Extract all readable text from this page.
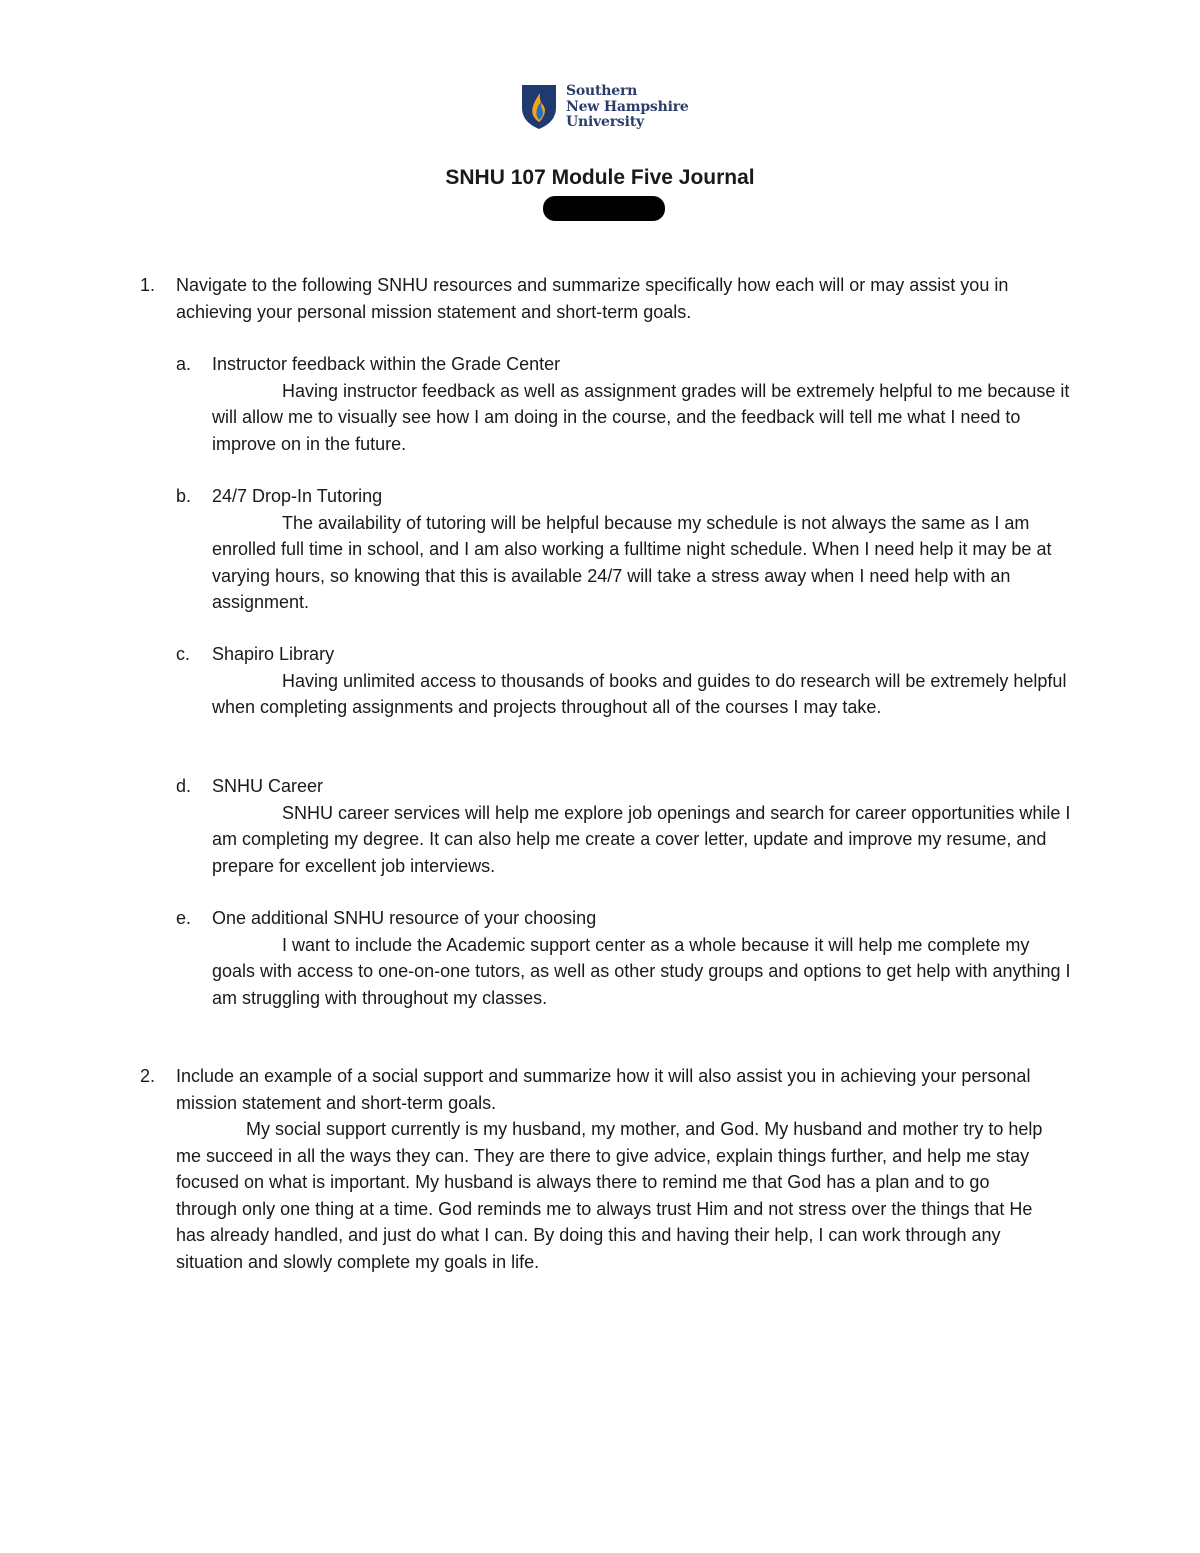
Southern
New Hampshire
University
SNHU 107 Module Five Journal
1. Navigate to the following SNHU resources and summarize specifically how each will or may assist you in achieving your personal mission statement and short-term goals.
a. Instructor feedback within the Grade Center
Having instructor feedback as well as assignment grades will be extremely helpful to me because it will allow me to visually see how I am doing in the course, and the feedback will tell me what I need to improve on in the future.
b. 24/7 Drop-In Tutoring
The availability of tutoring will be helpful because my schedule is not always the same as I am enrolled full time in school, and I am also working a fulltime night schedule. When I need help it may be at varying hours, so knowing that this is available 24/7 will take a stress away when I need help with an assignment.
c. Shapiro Library
Having unlimited access to thousands of books and guides to do research will be extremely helpful when completing assignments and projects throughout all of the courses I may take.
d. SNHU Career
SNHU career services will help me explore job openings and search for career opportunities while I am completing my degree. It can also help me create a cover letter, update and improve my resume, and prepare for excellent job interviews.
e. One additional SNHU resource of your choosing
I want to include the Academic support center as a whole because it will help me complete my goals with access to one-on-one tutors, as well as other study groups and options to get help with anything I am struggling with throughout my classes.
2. Include an example of a social support and summarize how it will also assist you in achieving your personal mission statement and short-term goals.
My social support currently is my husband, my mother, and God. My husband and mother try to help me succeed in all the ways they can. They are there to give advice, explain things further, and help me stay focused on what is important. My husband is always there to remind me that God has a plan and to go through only one thing at a time. God reminds me to always trust Him and not stress over the things that He has already handled, and just do what I can. By doing this and having their help, I can work through any situation and slowly complete my goals in life.
